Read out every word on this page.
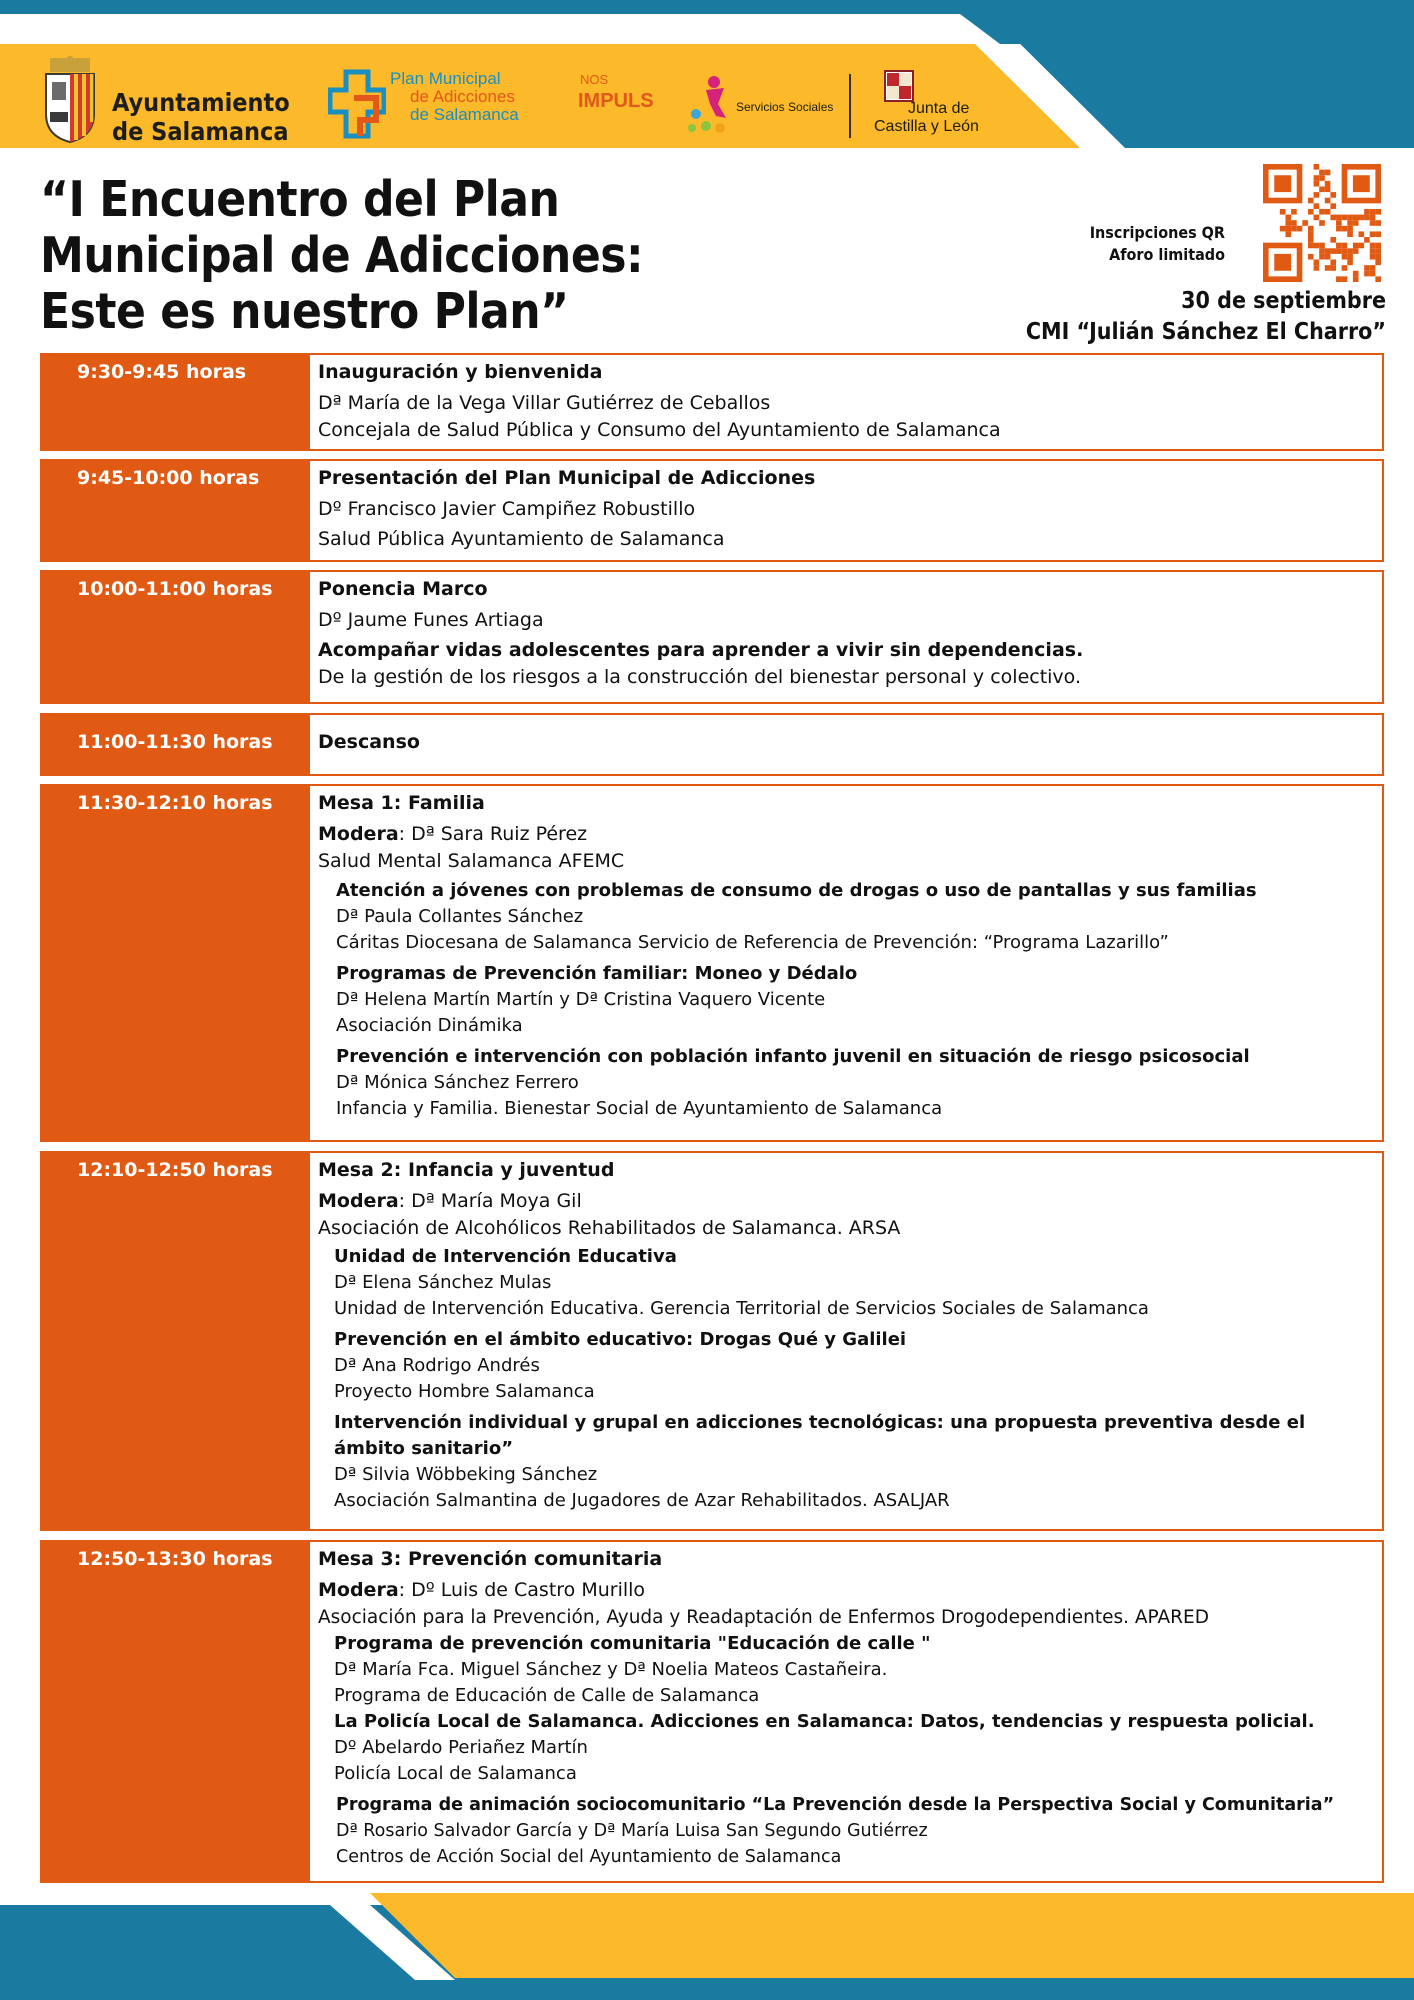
Ayuntamiento
de Salamanca
Plan Municipal
de Adicciones
de Salamanca
NOS
IMPULS	Servicios Sociales	Junta de
Castilla y León
“I Encuentro del Plan
Municipal de Adicciones:
Este es nuestro Plan”
Inscripciones QR
Aforo limitado
30 de septiembre
CMI “Julián Sánchez El Charro”
9:30-9:45 horas	Inauguración y bienvenida
Dª María de la Vega Villar Gutiérrez de Ceballos
Concejala de Salud Pública y Consumo del Ayuntamiento de Salamanca
9:45-10:00 horas	Presentación del Plan Municipal de Adicciones
Dº Francisco Javier Campiñez Robustillo
Salud Pública Ayuntamiento de Salamanca
10:00-11:00 horas	Ponencia Marco
Dº Jaume Funes Artiaga
Acompañar vidas adolescentes para aprender a vivir sin dependencias.
De la gestión de los riesgos a la construcción del bienestar personal y colectivo.
11:00-11:30 horas	Descanso
11:30-12:10 horas	Mesa 1: Familia
Modera: Dª Sara Ruiz Pérez
Salud Mental Salamanca AFEMC
Atención a jóvenes con problemas de consumo de drogas o uso de pantallas y sus familias
Dª Paula Collantes Sánchez
Cáritas Diocesana de Salamanca Servicio de Referencia de Prevención: “Programa Lazarillo”
Programas de Prevención familiar: Moneo y Dédalo
Dª Helena Martín Martín y Dª Cristina Vaquero Vicente
Asociación Dinámika
Prevención e intervención con población infanto juvenil en situación de riesgo psicosocial
Dª Mónica Sánchez Ferrero
Infancia y Familia. Bienestar Social de Ayuntamiento de Salamanca
12:10-12:50 horas	Mesa 2: Infancia y juventud
Modera: Dª María Moya Gil
Asociación de Alcohólicos Rehabilitados de Salamanca. ARSA
Unidad de Intervención Educativa
Dª Elena Sánchez Mulas
Unidad de Intervención Educativa. Gerencia Territorial de Servicios Sociales de Salamanca
Prevención en el ámbito educativo: Drogas Qué y Galilei
Dª Ana Rodrigo Andrés
Proyecto Hombre Salamanca
Intervención individual y grupal en adicciones tecnológicas: una propuesta preventiva desde el ámbito sanitario”
Dª Silvia Wöbbeking Sánchez
Asociación Salmantina de Jugadores de Azar Rehabilitados. ASALJAR
12:50-13:30 horas	Mesa 3: Prevención comunitaria
Modera: Dº Luis de Castro Murillo
Asociación para la Prevención, Ayuda y Readaptación de Enfermos Drogodependientes. APARED
Programa de prevención comunitaria "Educación de calle "
Dª María Fca. Miguel Sánchez y Dª Noelia Mateos Castañeira.
Programa de Educación de Calle de Salamanca
La Policía Local de Salamanca. Adicciones en Salamanca: Datos, tendencias y respuesta policial.
Dº Abelardo Periañez Martín
Policía Local de Salamanca
Programa de animación sociocomunitario “La Prevención desde la Perspectiva Social y Comunitaria”
Dª Rosario Salvador García y Dª María Luisa San Segundo Gutiérrez
Centros de Acción Social del Ayuntamiento de Salamanca
